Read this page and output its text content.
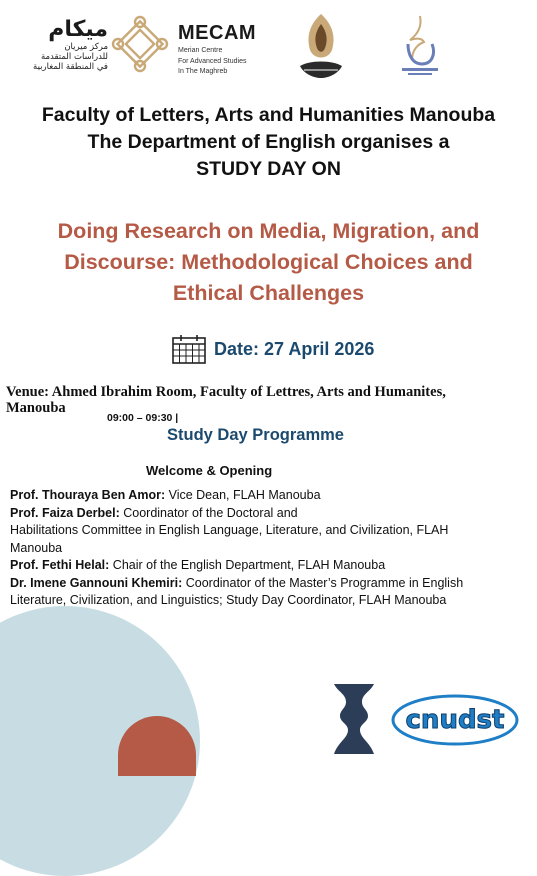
ميكام
مركز ميريان
للدراسات المتقدمة
في المنطقة المغاربية
MECAM
Merian Centre
For Advanced Studies
In The Maghreb
Faculty of Letters, Arts and Humanities Manouba
The Department of English organises a
STUDY DAY ON
Doing Research on Media, Migration, and
Discourse: Methodological Choices and
Ethical Challenges
Date: 27 April 2026
Venue: Ahmed Ibrahim Room, Faculty of Lettres, Arts and Humanites,
Manouba
09:00 – 09:30 |
Study Day Programme
Welcome & Opening

Prof. Thouraya Ben Amor: Vice Dean, FLAH Manouba

Prof. Faiza Derbel: Coordinator of the Doctoral and

Habilitations Committee in English Language, Literature, and Civilization, FLAH

Manouba

Prof. Fethi Helal: Chair of the English Department, FLAH Manouba

Dr. Imene Gannouni Khemiri: Coordinator of the Master’s Programme in English

Literature, Civilization, and Linguistics; Study Day Coordinator, FLAH Manouba

cnudst
